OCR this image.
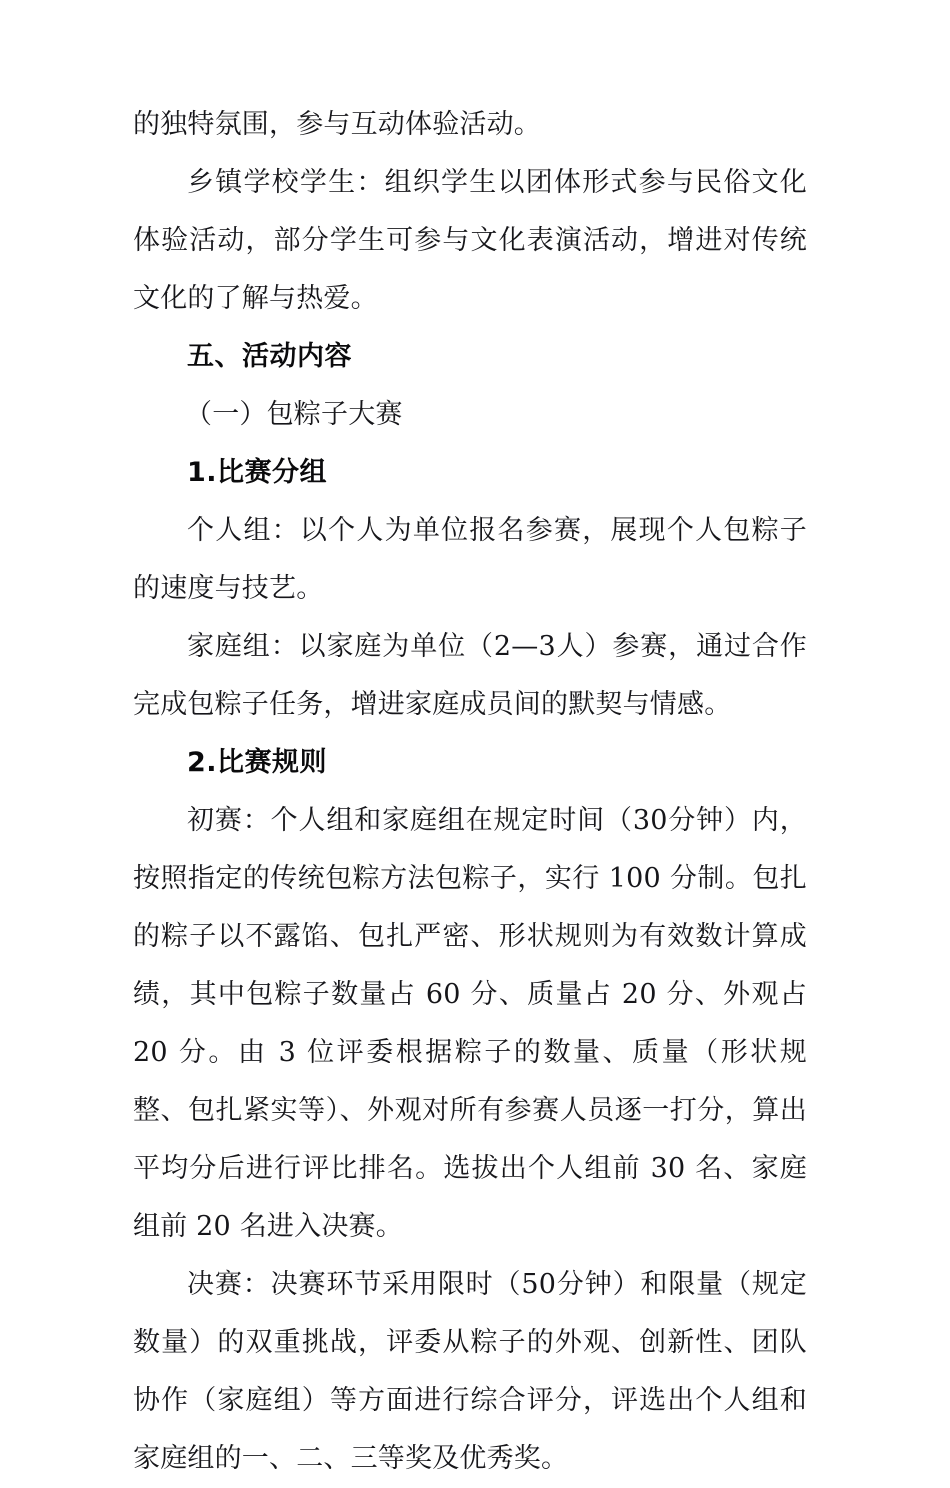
的独特氛围，参与互动体验活动。

乡镇学校学生：组织学生以团体形式参与民俗文化体验活动，部分学生可参与文化表演活动，增进对传统文化的了解与热爱。

五、活动内容
（一）包粽子大赛
1.比赛分组

个人组：以个人为单位报名参赛，展现个人包粽子的速度与技艺。

家庭组：以家庭为单位（2—3人）参赛，通过合作完成包粽子任务，增进家庭成员间的默契与情感。

2.比赛规则

初赛：个人组和家庭组在规定时间（30分钟）内，按照指定的传统包粽方法包粽子，实行 100 分制。包扎的粽子以不露馅、包扎严密、形状规则为有效数计算成绩，其中包粽子数量占 60 分、质量占 20 分、外观占 20 分。由 3 位评委根据粽子的数量、质量（形状规整、包扎紧实等）、外观对所有参赛人员逐一打分，算出平均分后进行评比排名。选拔出个人组前 30 名、家庭组前 20 名进入决赛。

决赛：决赛环节采用限时（50分钟）和限量（规定数量）的双重挑战，评委从粽子的外观、创新性、团队协作（家庭组）等方面进行综合评分，评选出个人组和家庭组的一、二、三等奖及优秀奖。
